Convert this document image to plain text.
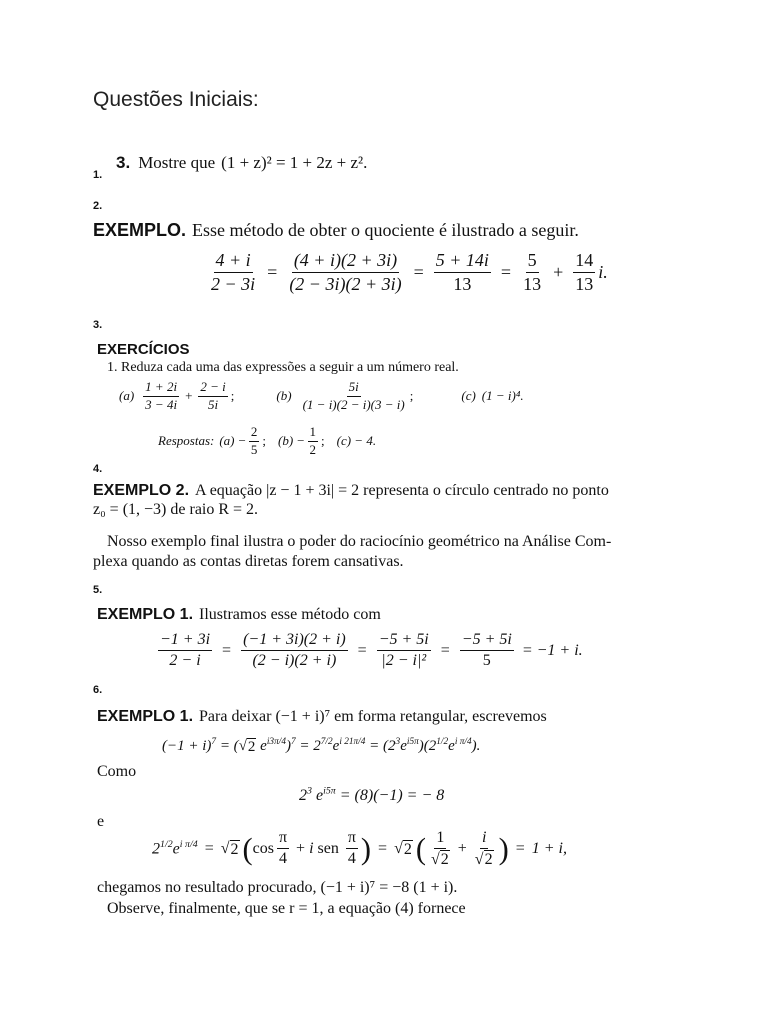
Questões Iniciais:
1.
3. Mostre que (1 + z)² = 1 + 2z + z².
2.
EXEMPLO. Esse método de obter o quociente é ilustrado a seguir.
$\frac{4 + i}{2 - 3i} = \frac{(4 + i)(2 + 3i)}{(2 - 3i)(2 + 3i)} = \frac{5 + 14i}{13} = \frac{5}{13} + \frac{14}{13} i$.
3.
EXERCÍCIOS
1. Reduza cada uma das expressões a seguir a um número real.
$(a) \frac{1 + 2i}{3 - 4i} + \frac{2 - i}{5i}$ ;	$(b) \frac{5i}{(1 - i)(2 - i)(3 - i)}$ ;	(c) (1 − i)⁴.
Respostas: $(a) - \frac{2}{5}$ ; $(b) - \frac{1}{2}$ ; (c) − 4.
4.
EXEMPLO 2. A equação |z − 1 + 3i| = 2 representa o círculo centrado no ponto
z₀ = (1, −3) de raio R = 2.
Nosso exemplo final ilustra o poder do raciocínio geométrico na Análise Com-
plexa quando as contas diretas forem cansativas.
5.
EXEMPLO 1. Ilustramos esse método com
$\frac{-1 + 3i}{2 - i} = \frac{(-1 + 3i)(2 + i)}{(2 - i)(2 + i)} = \frac{-5 + 5i}{\text{|2 − i|²}} = \frac{-5 + 5i}{5} = -1 + i$.
6.
EXEMPLO 1. Para deixar (−1 + i)⁷ em forma retangular, escrevemos
$(-1 + i)^7$ = ( √ 2 $e^{i3\pi/4})^7 = 2^{7/2}e^{i 21\pi/4} = (2^3e^{i5\pi})(2^{1/2}e^{i \pi/4})$.
Como
$2^3$ $e^{i5\pi} = (8)(-1)$ = − 8
e
$2^{1/2}e^{i \pi/4}$ = √ 2 ( $\cos \frac{\pi}{4} + i$ sen $\frac{\pi}{4}$ ) = √ 2 ( $\frac{1}{√ 2} + \frac{i}{√ 2}$ ) = 1 + i,
chegamos no resultado procurado, (−1 + i)⁷ = −8 (1 + i).
Observe, finalmente, que se r = 1, a equação (4) fornece
